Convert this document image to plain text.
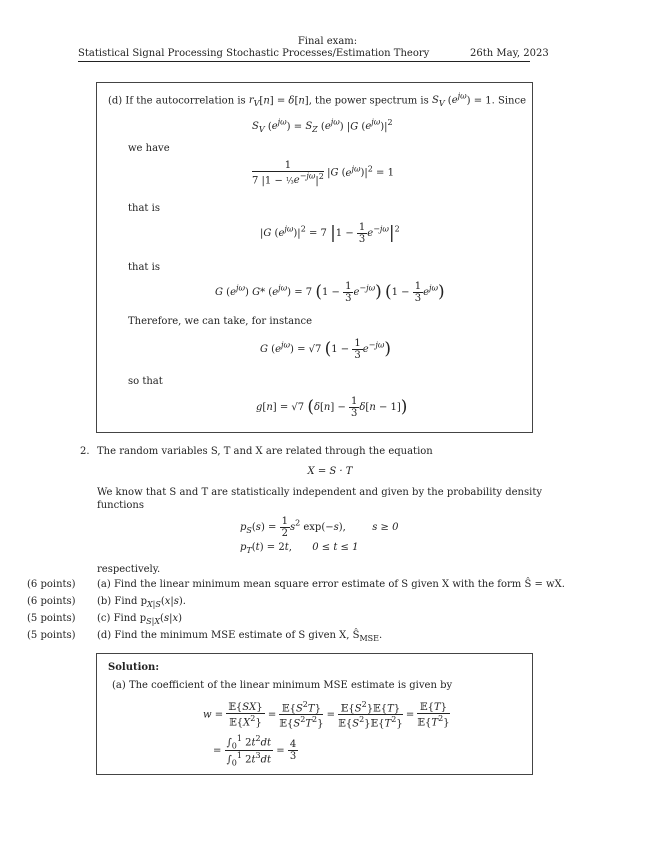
Final exam:
Statistical Signal Processing Stochastic Processes/Estimation Theory	26th May, 2023
(d) If the autocorrelation is $r_V[n] = \delta[n]$, the power spectrum is $S_V$ $(e^{j\omega}) = 1$. Since
$S_V$ $(e^{j\omega}) = S_Z$ $(e^{j\omega})$ |G $(e^{j\omega})|^2$
we have
$\frac{1}{7 |1 - \frac{1}{3}e^{-j\omega}|^2} |G$ $(e^{j\omega})|^2 = 1$
that is
|G $(e^{j\omega})|^2 = 7$ $|1 - \frac{1}{3} e^{-j\omega}|^2$
that is
G $(e^{j\omega})$ G* $(e^{j\omega}) = 7$ $(1 - \frac{1}{3} e^{-j\omega})$ $(1 - \frac{1}{3} e^{j\omega})$
Therefore, we can take, for instance
G $(e^{j\omega}) = √7$ $(1 - \frac{1}{3} e^{-j\omega})$
so that
g[n] = √7 $(\delta[n] - \frac{1}{3} \delta[n - 1])$
2. The random variables S, T and X are related through the equation
X = S · T
We know that S and T are statistically independent and given by the probability density
functions
$p_S(s) = \frac{1}{2} s^2$ exp(−s),  s ≥ 0
$p_T(t) = 2t$,  0 ≤ t ≤ 1
respectively.
(6 points) (a) Find the linear minimum mean square error estimate of S given X with the form Ŝ = wX.
(6 points) (b) Find $p_{X|S}(x|s)$.
(5 points) (c) Find $p_{S|X}(s|x)$
(5 points) (d) Find the minimum MSE estimate of S given X, $Ŝ_{MSE}$.
Solution:
(a) The coefficient of the linear minimum MSE estimate is given by
$w = \frac{\text{𝔼\{SX\}}}{𝔼\{X^2\}} = \frac{𝔼\{S^2T\}}{𝔼\{S^2T^2\}} = \frac{𝔼\{S^2\}𝔼\{T\}}{𝔼\{S^2\}𝔼\{T^2\}} = \frac{\text{𝔼\{T\}}}{𝔼\{T^2\}}$
= $\frac{\int_0^1 2t^2dt}{\int_0^1 2t^3dt} = \frac{4}{3}$
